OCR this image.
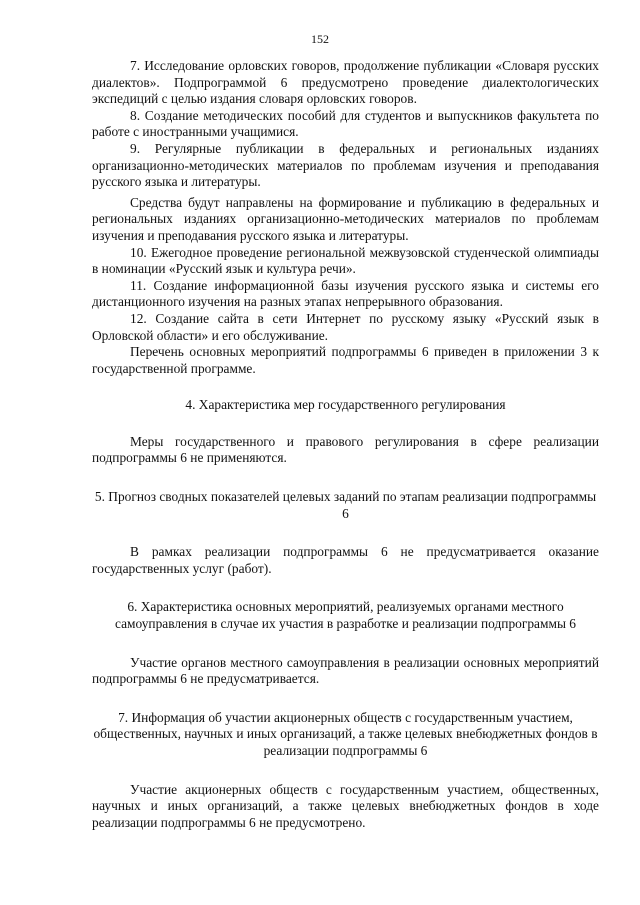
152

7. Исследование орловских говоров, продолжение публикации «Словаря русских диалектов». Подпрограммой 6 предусмотрено проведение диалектологических экспедиций с целью издания словаря орловских говоров.

8. Создание методических пособий для студентов и выпускников факультета по работе с иностранными учащимися.

9. Регулярные публикации в федеральных и региональных изданиях организационно-методических материалов по проблемам изучения и преподавания русского языка и литературы.

Средства будут направлены на формирование и публикацию в федеральных и региональных изданиях организационно-методических материалов по проблемам изучения и преподавания русского языка и литературы.

10. Ежегодное проведение региональной межвузовской студенческой олимпиады в номинации «Русский язык и культура речи».

11. Создание информационной базы изучения русского языка и системы его дистанционного изучения на разных этапах непрерывного образования.

12. Создание сайта в сети Интернет по русскому языку «Русский язык в Орловской области» и его обслуживание.

Перечень основных мероприятий подпрограммы 6 приведен в приложении 3 к государственной программе.

4. Характеристика мер государственного регулирования

Меры государственного и правового регулирования в сфере реализации подпрограммы 6 не применяются.

5. Прогноз сводных показателей целевых заданий по этапам реализации подпрограммы 6

В рамках реализации подпрограммы 6 не предусматривается оказание государственных услуг (работ).

6. Характеристика основных мероприятий, реализуемых органами местного самоуправления в случае их участия в разработке и реализации подпрограммы 6

Участие органов местного самоуправления в реализации основных мероприятий подпрограммы 6 не предусматривается.

7. Информация об участии акционерных обществ с государственным участием, общественных, научных и иных организаций, а также целевых внебюджетных фондов в реализации подпрограммы 6

Участие акционерных обществ с государственным участием, общественных, научных и иных организаций, а также целевых внебюджетных фондов в ходе реализации подпрограммы 6 не предусмотрено.
